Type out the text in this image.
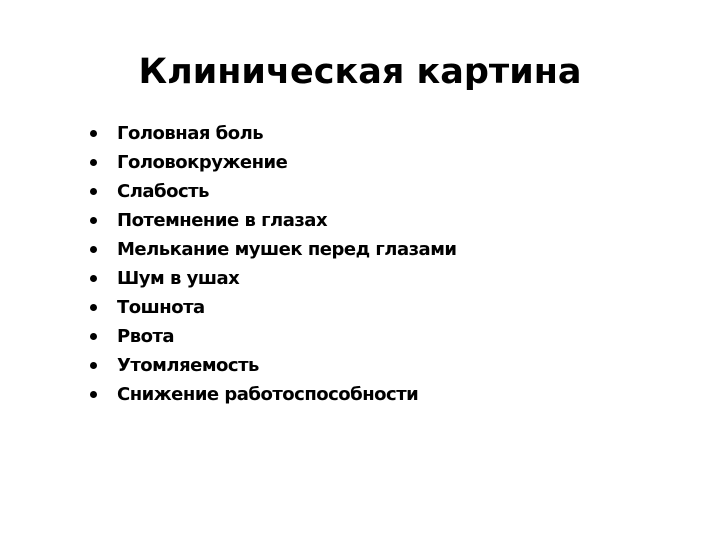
Клиническая картина
Головная боль
Головокружение
Слабость
Потемнение в глазах
Мелькание мушек перед глазами
Шум в ушах
Тошнота
Рвота
Утомляемость
Снижение работоспособности
